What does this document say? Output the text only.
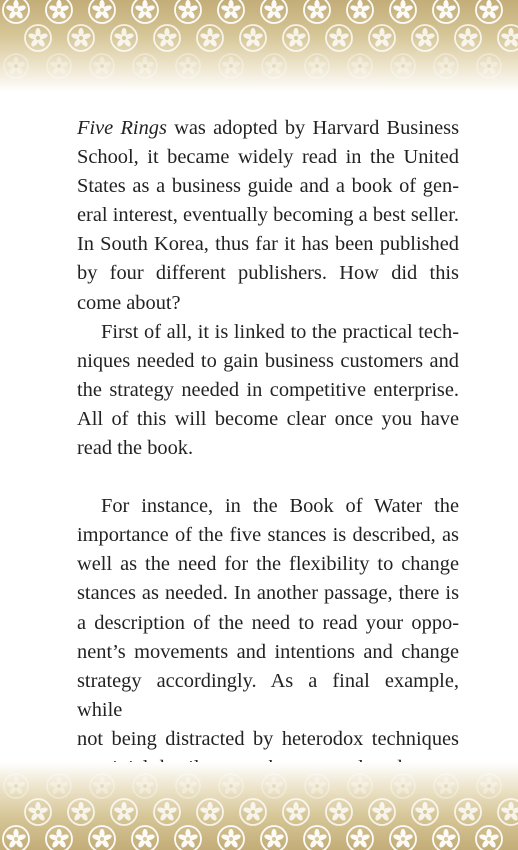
Five Rings was adopted by Harvard Business
School, it became widely read in the United
States as a business guide and a book of gen-
eral interest, eventually becoming a best seller.
In South Korea, thus far it has been published
by four different publishers. How did this
come about?

First of all, it is linked to the practical tech-
niques needed to gain business customers and
the strategy needed in competitive enterprise.
All of this will become clear once you have
read the book.

For instance, in the Book of Water the
importance of the five stances is described, as
well as the need for the flexibility to change
stances as needed. In another passage, there is
a description of the need to read your oppo-
nent’s movements and intentions and change
strategy accordingly. As a final example, while
not being distracted by heterodox techniques
